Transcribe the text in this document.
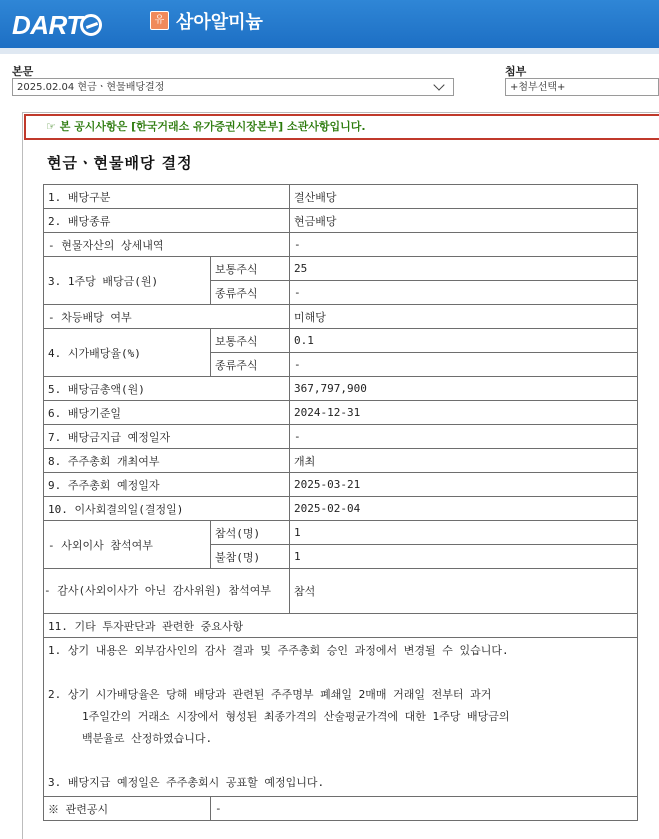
DART	유 삼아알미늄
본문
2025.02.04 현금ㆍ현물배당결정
첨부
+첨부선택+
☞ 본 공시사항은 [한국거래소 유가증권시장본부] 소관사항입니다.
현금ㆍ현물배당 결정
1. 배당구분		결산배당
2. 배당종류		현금배당
- 현물자산의 상세내역		-
3. 1주당 배당금(원)	보통주식	25
	종류주식	-
- 차등배당 여부		미해당
4. 시가배당율(%)	보통주식	0.1
	종류주식	-
5. 배당금총액(원)		367,797,900
6. 배당기준일		2024-12-31
7. 배당금지급 예정일자		-
8. 주주총회 개최여부		개최
9. 주주총회 예정일자		2025-03-21
10. 이사회결의일(결정일)		2025-02-04
- 사외이사 참석여부	참석(명)	1
	불참(명)	1
- 감사(사외이사가 아닌 감사위원) 참석여부		참석
11. 기타 투자판단과 관련한 중요사항		

1. 상기 내용은 외부감사인의 감사 결과 및 주주총회 승인 과정에서 변경될 수 있습니다.

2. 상기 시가배당율은 당해 배당과 관련된 주주명부 폐쇄일 2매매 거래일 전부터 과거

1주일간의 거래소 시장에서 형성된 최종가격의 산술평균가격에 대한 1주당 배당금의

백분율로 산정하였습니다.

3. 배당지급 예정일은 주주총회시 공표할 예정입니다.		

※ 관련공시	-	
